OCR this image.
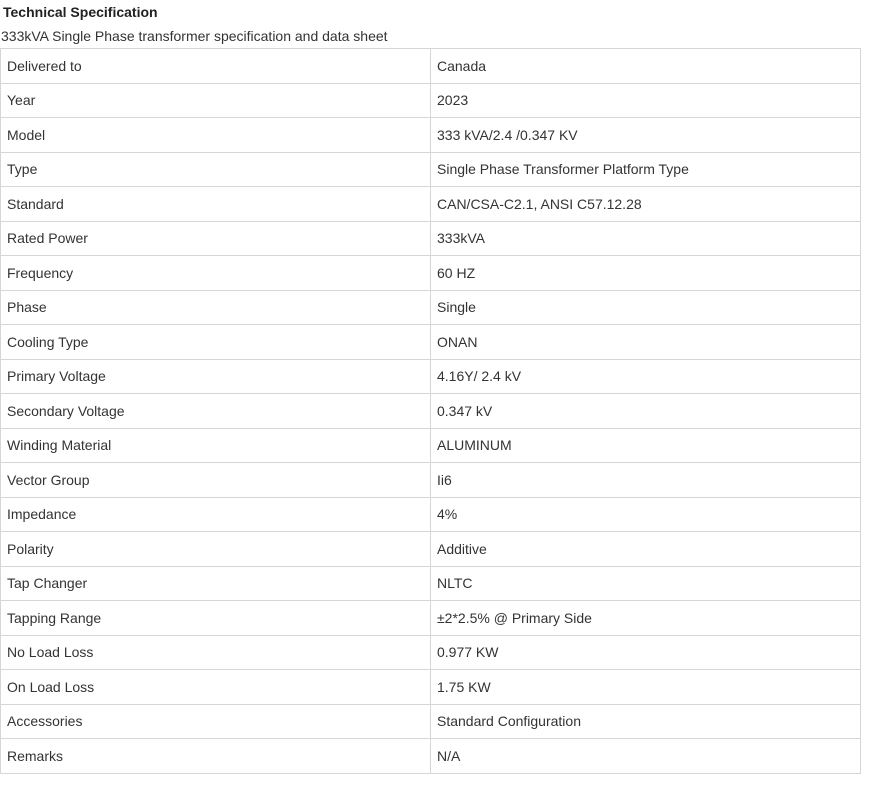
Technical Specification
333kVA Single Phase transformer specification and data sheet
Delivered to	Canada
Year	2023
Model	333 kVA/2.4 /0.347 KV
Type	Single Phase Transformer Platform Type
Standard	CAN/CSA-C2.1, ANSI C57.12.28
Rated Power	333kVA
Frequency	60 HZ
Phase	Single
Cooling Type	ONAN
Primary Voltage	4.16Y/ 2.4 kV
Secondary Voltage	0.347 kV
Winding Material	ALUMINUM
Vector Group	Ii6
Impedance	4%
Polarity	Additive
Tap Changer	NLTC
Tapping Range	±2*2.5% @ Primary Side
No Load Loss	0.977 KW
On Load Loss	1.75 KW
Accessories	Standard Configuration
Remarks	N/A
